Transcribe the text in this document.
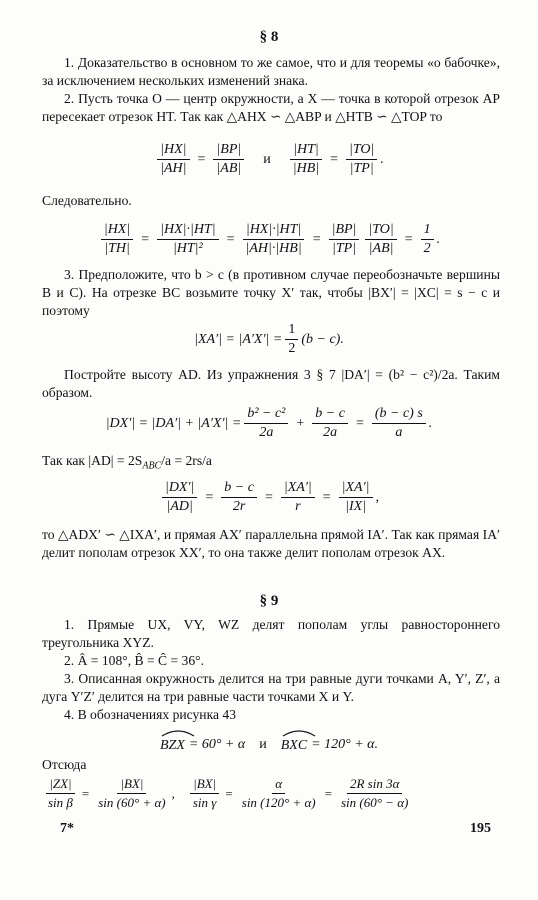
§ 8
1. Доказательство в основном то же самое, что и для теоремы «о бабочке», за исключением нескольких изменений знака.
2. Пусть точка O — центр окружности, а X — точка в которой отрезок AP пересекает отрезок HT. Так как △AHX ∽ △ABP и △HTB ∽ △TOP то
$\frac{|HX|}{|AH|} = \frac{|BP|}{|AB|}$ и $\frac{|HT|}{|HB|} = \frac{|TO|}{|TP|}$ .
Следовательно.
$\frac{|HX|}{|TH|} = \frac{|HX|\cdot|HT|}{\text{|HT|²}} = \frac{|HX|\cdot|HT|}{|AH|\cdot|HB|} = \frac{|BP|}{|TP|} \frac{|TO|}{|AB|} = \frac{1}{2}$ .
3. Предположите, что b > c (в противном случае переобозначьте вершины B и C). На отрезке BC возьмите точку X′ так, чтобы |BX′| = |XC| = s − c и поэтому
$|XA'| = |A'X'| = \frac{1}{2} (b - c)$.
Постройте высоту AD. Из упражнения 3 § 7 |DA′| = (b² − c²)/2a. Таким образом.
$|DX'| = |DA'| + |A'X'| = \frac{\text{b² − c²}}{2a} + \frac{b - c}{2a} = \frac{(b - c) s}{a}$ .
Так как $|AD| = 2S_{ABC}/a = 2rs/a$
$\frac{|DX'|}{|AD|} = \frac{b - c}{2r} = \frac{|XA'|}{r} = \frac{|XA'|}{|IX|}$ ,
то △ADX′ ∽ △IXA′, и прямая AX′ параллельна прямой IA′. Так как прямая IA′ делит пополам отрезок XX′, то она также делит пополам отрезок AX.
§ 9
1. Прямые UX, VY, WZ делят пополам углы равностороннего треугольника XYZ.
2. Â = 108°, B̂ = Ĉ = 36°.
3. Описанная окружность делится на три равные дуги точками A, Y′, Z′, а дуга Y′Z′ делится на три равные части точками X и Y.
4. В обозначениях рисунка 43
BZX = 60° + α и BXC = 120° + α.
Отсюда
$\frac{|ZX|}{\text{sin β}} = \frac{|BX|}{\sin (60^\circ + \alpha)}$ , $\frac{|BX|}{\text{sin γ}} = \frac{\alpha}{\sin (120^\circ + \alpha)} = \frac{\text{2R sin 3α}}{\sin (60^\circ - \alpha)}$
7*	195
